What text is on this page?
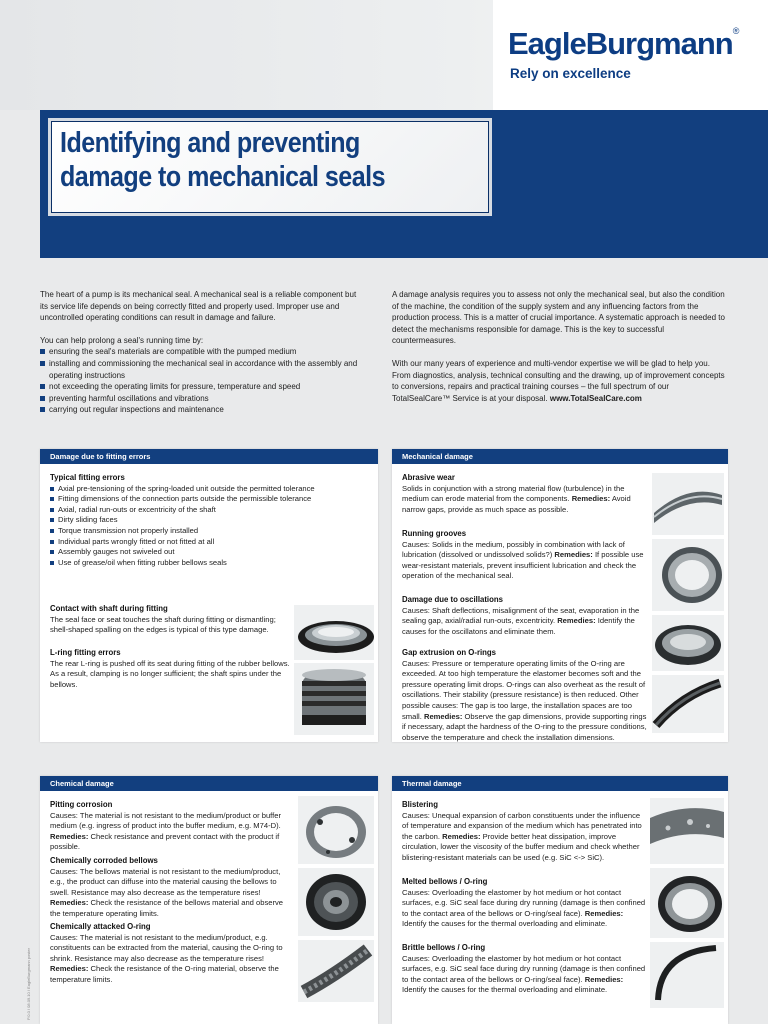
EagleBurgmann®
Rely on excellence
Identifying and preventing
damage to mechanical seals

The heart of a pump is its mechanical seal. A mechanical seal is a reliable component but its service life depends on being correctly fitted and properly used. Improper use and uncontrolled operating conditions can result in damage and failure.

You can help prolong a seal's running time by:
ensuring the seal's materials are compatible with the pumped medium
installing and commissioning the mechanical seal in accordance with the assembly and operating instructions
not exceeding the operating limits for pressure, temperature and speed
preventing harmful oscillations and vibrations
carrying out regular inspections and maintenance

A damage analysis requires you to assess not only the mechanical seal, but also the condition of the machine, the condition of the supply system and any influencing factors from the production process. This is a matter of crucial importance. A systematic approach is needed to detect the mechanisms responsible for damage. This is the key to successful countermeasures.

With our many years of experience and multi-vendor expertise we will be glad to help you. From diagnostics, analysis, technical consulting and the drawing, up of improvement concepts to conversions, repairs and practical training courses – the full spectrum of our TotalSealCare™ Service is at your disposal. www.TotalSealCare.com
Damage due to fitting errors
Typical fitting errors
Axial pre-tensioning of the spring-loaded unit outside the permitted tolerance
Fitting dimensions of the connection parts outside the permissible tolerance
Axial, radial run-outs or excentricity of the shaft
Dirty sliding faces
Torque transmission not properly installed
Individual parts wrongly fitted or not fitted at all
Assembly gauges not swiveled out
Use of grease/oil when fitting rubber bellows seals
Contact with shaft during fitting
The seal face or seat touches the shaft during fitting or dismantling; shell-shaped spalling on the edges is typical of this type damage.
L-ring fitting errors
The rear L-ring is pushed off its seat during fitting of the rubber bellows. As a result, clamping is no longer sufficient; the shaft spins under the bellows.
Mechanical damage
Abrasive wear
Solids in conjunction with a strong material flow (turbulence) in the medium can erode material from the components. Remedies: Avoid narrow gaps, provide as much space as possible.
Running grooves
Causes: Solids in the medium, possibly in combination with lack of lubrication (dissolved or undissolved solids?) Remedies: If possible use wear-resistant materials, prevent insufficient lubrication and check the operation of the mechanical seal.
Damage due to oscillations
Causes: Shaft deflections, misalignment of the seat, evaporation in the sealing gap, axial/radial run-outs, excentricity. Remedies: Identify the causes for the oscillatons and eliminate them.
Gap extrusion on O-rings
Causes: Pressure or temperature operating limits of the O-ring are exceeded. At too high temperature the elastomer becomes soft and the pressure operating limit drops. O-rings can also overheat as the result of oscillations. Their stability (pressure resistance) is then reduced. Other possible causes: The gap is too large, the installation spaces are too small. Remedies: Observe the gap dimensions, provide supporting rings if necessary, adapt the hardness of the O-ring to the pressure conditions, observe the temperature and check the installation dimensions.
Chemical damage
Pitting corrosion
Causes: The material is not resistant to the medium/product or buffer medium (e.g. ingress of product into the buffer medium, e.g. M74-D). Remedies: Check resistance and prevent contact with the product if possible.
Chemically corroded bellows
Causes: The bellows material is not resistant to the medium/product, e.g., the product can diffuse into the material causing the bellows to swell. Resistance may also decrease as the temperature rises! Remedies: Check the resistance of the bellows material and observe the temperature operating limits.
Chemically attacked O-ring
Causes: The material is not resistant to the medium/product, e.g. constituents can be extracted from the material, causing the O-ring to shrink. Resistance may also decrease as the temperature rises! Remedies: Check the resistance of the O-ring material, observe the temperature limits.
Thermal damage
Blistering
Causes: Unequal expansion of carbon constituents under the influence of temperature and expansion of the medium which has penetrated into the carbon. Remedies: Provide better heat dissipation, improve circulation, lower the viscosity of the buffer medium and check whether blistering-resistant materials can be used (e.g. SiC <-> SiC).
Melted bellows / O-ring
Causes: Overloading the elastomer by hot medium or hot contact surfaces, e.g. SiC seal face during dry running (damage is then confined to the contact area of the bellows or O-ring/seal face). Remedies: Identify the causes for the thermal overloading and eliminate.
Brittle bellows / O-ring
Causes: Overloading the elastomer by hot medium or hot contact surfaces, e.g. SiC seal face during dry running (damage is then confined to the contact area of the bellows or O-ring/seal face). Remedies: Identify the causes for the thermal overloading and eliminate.
P.0.0 / 08.09.10 / EagleBurgmann poster
